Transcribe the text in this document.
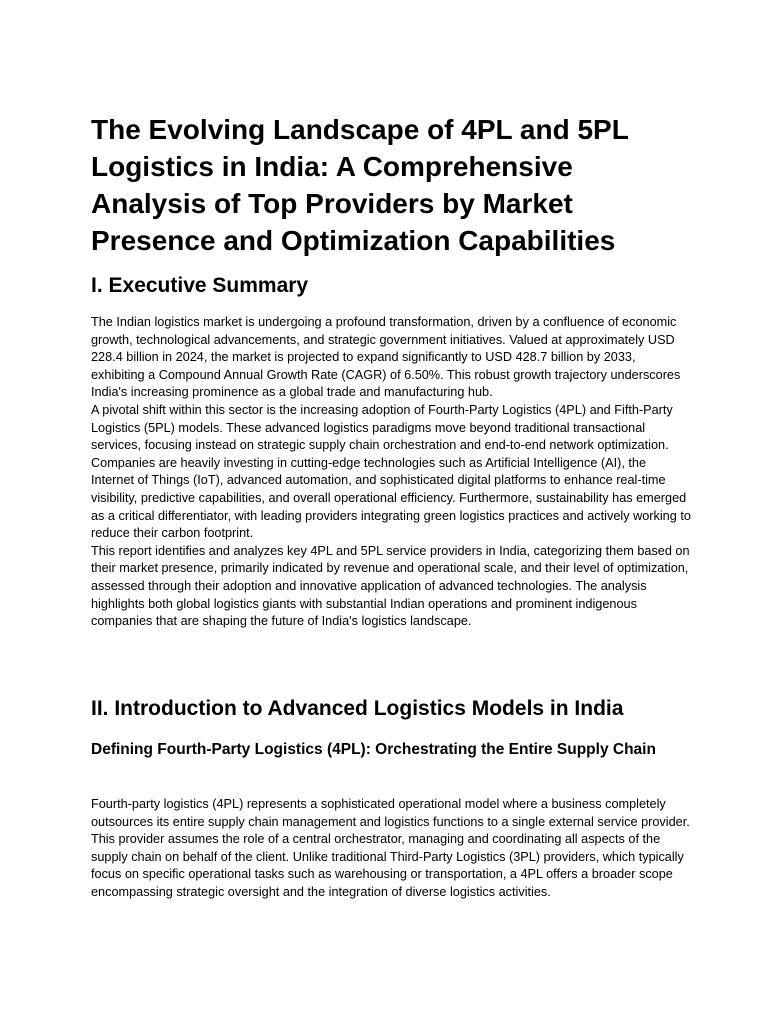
The Evolving Landscape of 4PL and 5PL Logistics in India: A Comprehensive Analysis of Top Providers by Market Presence and Optimization Capabilities
I. Executive Summary

The Indian logistics market is undergoing a profound transformation, driven by a confluence of economic growth, technological advancements, and strategic government initiatives. Valued at approximately USD 228.4 billion in 2024, the market is projected to expand significantly to USD 428.7 billion by 2033, exhibiting a Compound Annual Growth Rate (CAGR) of 6.50%. This robust growth trajectory underscores India's increasing prominence as a global trade and manufacturing hub.

A pivotal shift within this sector is the increasing adoption of Fourth-Party Logistics (4PL) and Fifth-Party Logistics (5PL) models. These advanced logistics paradigms move beyond traditional transactional services, focusing instead on strategic supply chain orchestration and end-to-end network optimization. Companies are heavily investing in cutting-edge technologies such as Artificial Intelligence (AI), the Internet of Things (IoT), advanced automation, and sophisticated digital platforms to enhance real-time visibility, predictive capabilities, and overall operational efficiency. Furthermore, sustainability has emerged as a critical differentiator, with leading providers integrating green logistics practices and actively working to reduce their carbon footprint.

This report identifies and analyzes key 4PL and 5PL service providers in India, categorizing them based on their market presence, primarily indicated by revenue and operational scale, and their level of optimization, assessed through their adoption and innovative application of advanced technologies. The analysis highlights both global logistics giants with substantial Indian operations and prominent indigenous companies that are shaping the future of India's logistics landscape.

II. Introduction to Advanced Logistics Models in India
Defining Fourth-Party Logistics (4PL): Orchestrating the Entire Supply Chain

Fourth-party logistics (4PL) represents a sophisticated operational model where a business completely outsources its entire supply chain management and logistics functions to a single external service provider. This provider assumes the role of a central orchestrator, managing and coordinating all aspects of the supply chain on behalf of the client. Unlike traditional Third-Party Logistics (3PL) providers, which typically focus on specific operational tasks such as warehousing or transportation, a 4PL offers a broader scope encompassing strategic oversight and the integration of diverse logistics activities.
